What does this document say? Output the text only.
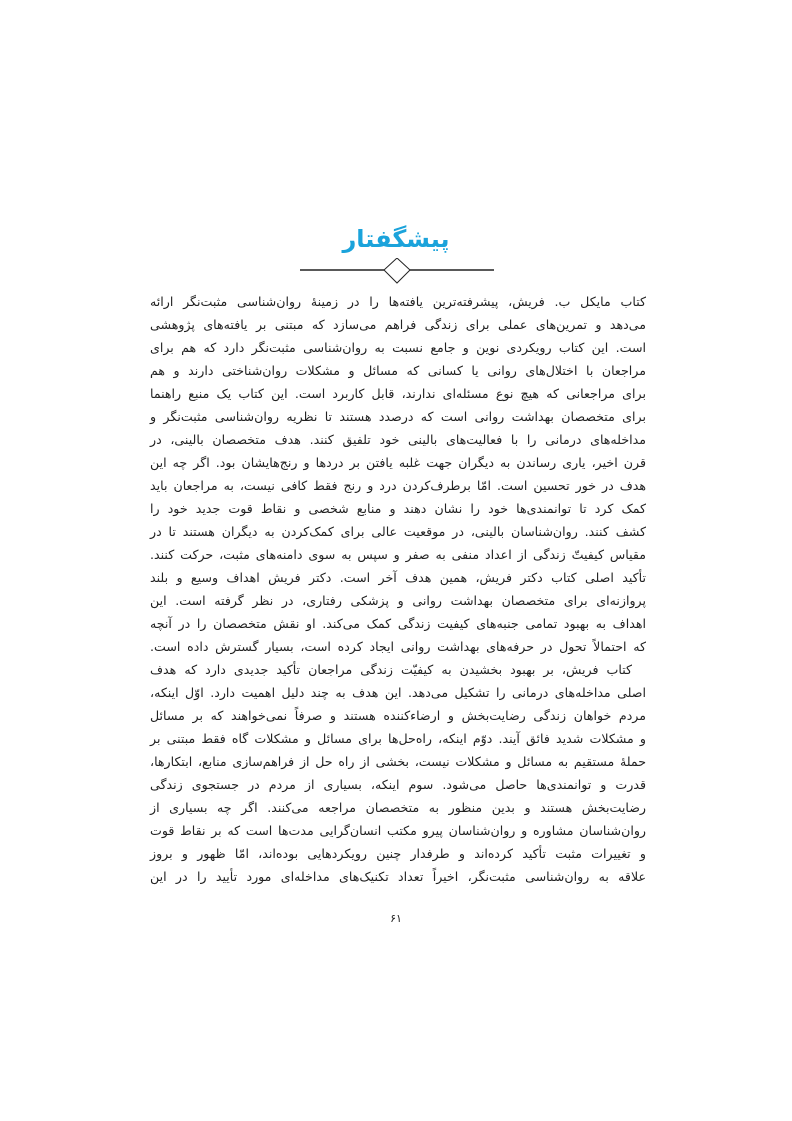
پیشگفتار
کتاب مایکل ب. فریش، پیشرفته‌ترین یافته‌ها را در زمینهٔ روان‌شناسی مثبت‌نگر ارائه
می‌دهد و تمرین‌های عملی برای زندگی فراهم می‌سازد که مبتنی بر یافته‌های پژوهشی
است. این کتاب رویکردی نوین و جامع نسبت به روان‌شناسی مثبت‌نگر دارد که هم برای
مراجعان با اختلال‌های روانی یا کسانی که مسائل و مشکلات روان‌شناختی دارند و هم
برای مراجعانی که هیچ نوع مسئله‌ای ندارند، قابل کاربرد است. این کتاب یک منبع راهنما
برای متخصصان بهداشت روانی است که درصدد هستند تا نظریه روان‌شناسی مثبت‌نگر و
مداخله‌های درمانی را با فعالیت‌های بالینی خود تلفیق کنند. هدف متخصصان بالینی، در
قرن اخیر، یاری رساندن به دیگران جهت غلبه یافتن بر دردها و رنج‌هایشان بود. اگر چه این
هدف در خور تحسین است. امّا برطرف‌کردن درد و رنج فقط کافی نیست، به مراجعان باید
کمک کرد تا توانمندی‌ها خود را نشان دهند و منابع شخصی و نقاط قوت جدید خود را
کشف کنند. روان‌شناسان بالینی، در موقعیت عالی برای کمک‌کردن به دیگران هستند تا در
مقیاس کیفیتّ زندگی از اعداد منفی به صفر و سپس به سوی دامنه‌های مثبت، حرکت کنند.
تأکید اصلی کتاب دکتر فریش، همین هدف آخر است. دکتر فریش اهداف وسیع و بلند
پروازنه‌ای برای متخصصان بهداشت روانی و پزشکی رفتاری، در نظر گرفته است. این
اهداف به بهبود تمامی جنبه‌های کیفیت زندگی کمک می‌کند. او نقش متخصصان را در آنچه
که احتمالاً تحول در حرفه‌های بهداشت روانی ایجاد کرده است، بسیار گسترش داده است.
کتاب فریش، بر بهبود بخشیدن به کیفیّت زندگی مراجعان تأکید جدیدی دارد که هدف
اصلی مداخله‌های درمانی را تشکیل می‌دهد. این هدف به چند دلیل اهمیت دارد. اوّل اینکه،
مردم خواهان زندگی رضایت‌بخش و ارضاءکننده هستند و صرفاً نمی‌خواهند که بر مسائل
و مشکلات شدید فائق آیند. دوّم اینکه، راه‌حل‌ها برای مسائل و مشکلات گاه فقط مبتنی بر
حملهٔ مستقیم به مسائل و مشکلات نیست، بخشی از راه حل از فراهم‌سازی منابع، ابتکارها،
قدرت و توانمندی‌ها حاصل می‌شود. سوم اینکه، بسیاری از مردم در جستجوی زندگی
رضایت‌بخش هستند و بدین منظور به متخصصان مراجعه می‌کنند. اگر چه بسیاری از
روان‌شناسان مشاوره و روان‌شناسان پیرو مکتب انسان‌گرایی مدت‌ها است که بر نقاط قوت
و تغییرات مثبت تأکید کرده‌اند و طرفدار چنین رویکردهایی بوده‌اند، امّا ظهور و بروز
علاقه به روان‌شناسی مثبت‌نگر، اخیراً تعداد تکنیک‌های مداخله‌ای مورد تأیید را در این
۶۱
